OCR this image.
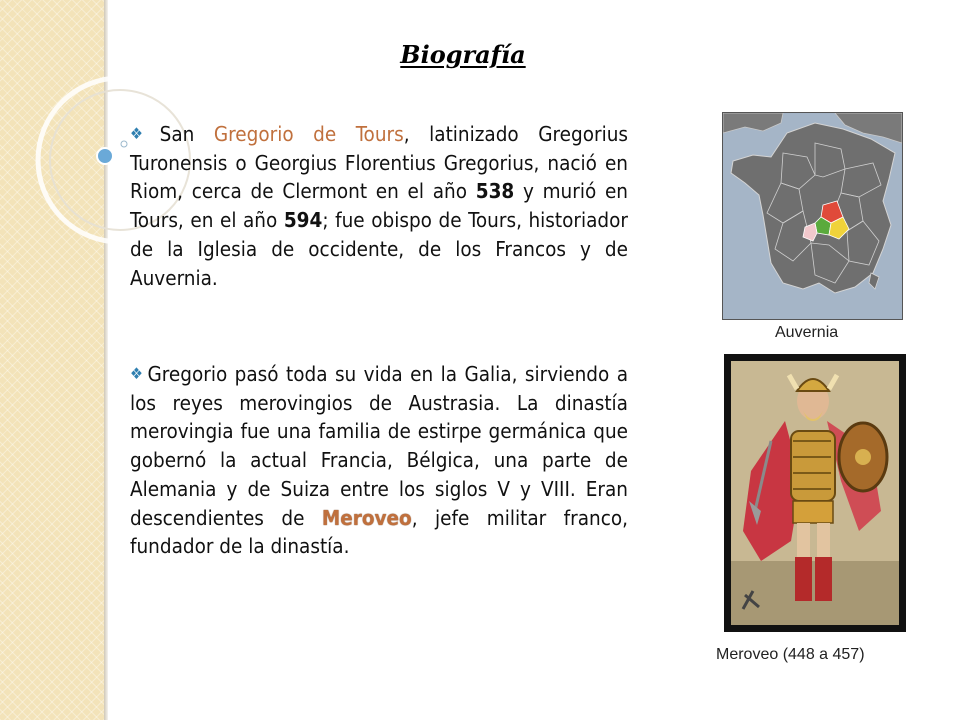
Biografía
❖ San Gregorio de Tours, latinizado Gregorius Turonensis o Georgius Florentius Gregorius, nació en Riom, cerca de Clermont en el año 538 y murió en Tours, en el año 594; fue obispo de Tours, historiador de la Iglesia de occidente, de los Francos y de Auvernia.
❖ Gregorio pasó toda su vida en la Galia, sirviendo a los reyes merovingios de Austrasia. La dinastía merovingia fue una familia de estirpe germánica que gobernó la actual Francia, Bélgica, una parte de Alemania y de Suiza entre los siglos V y VIII. Eran descendientes de Meroveo, jefe militar franco, fundador de la dinastía.
Auvernia
Meroveo (448 a 457)
